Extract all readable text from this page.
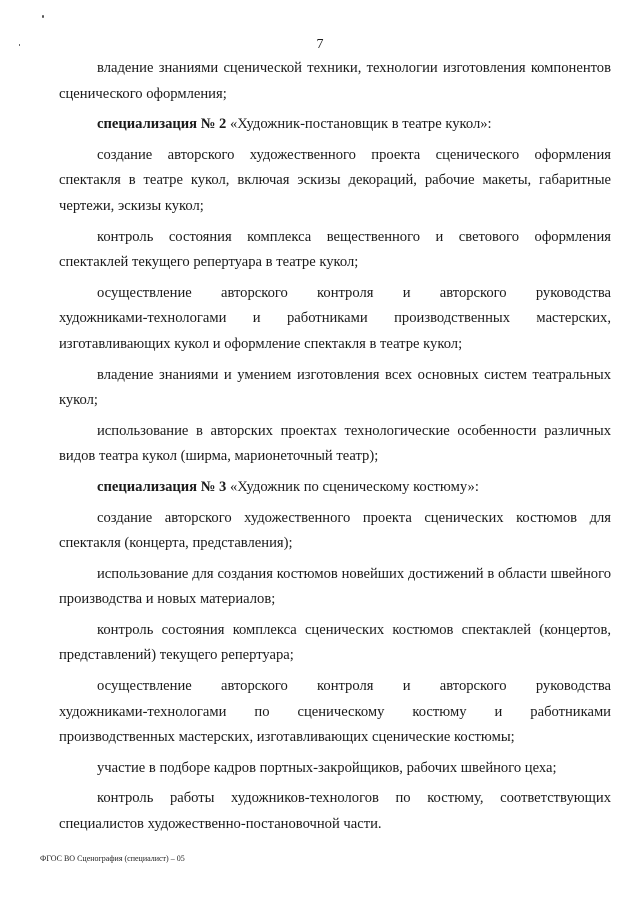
7

владение знаниями сценической техники, технологии изготовления компонентов сценического оформления;

специализация № 2 «Художник-постановщик в театре кукол»:

создание авторского художественного проекта сценического оформления спектакля в театре кукол, включая эскизы декораций, рабочие макеты, габаритные чертежи, эскизы кукол;

контроль состояния комплекса вещественного и светового оформления спектаклей текущего репертуара в театре кукол;

осуществление авторского контроля и авторского руководства
художниками-технологами и работниками производственных мастерских,
изготавливающих кукол и оформление спектакля в театре кукол;

владение знаниями и умением изготовления всех основных систем театральных кукол;

использование в авторских проектах технологические особенности различных видов театра кукол (ширма, марионеточный театр);

специализация № 3 «Художник по сценическому костюму»:

создание авторского художественного проекта сценических костюмов для спектакля (концерта, представления);

использование для создания костюмов новейших достижений в области швейного производства и новых материалов;

контроль состояния комплекса сценических костюмов спектаклей (концертов, представлений) текущего репертуара;

осуществление авторского контроля и авторского руководства
художниками-технологами по сценическому костюму и работниками
производственных мастерских, изготавливающих сценические костюмы;

участие в подборе кадров портных-закройщиков, рабочих швейного цеха;

контроль работы художников-технологов по костюму, соответствующих специалистов художественно-постановочной части.

ФГОС ВО Сценография (специалист) – 05
